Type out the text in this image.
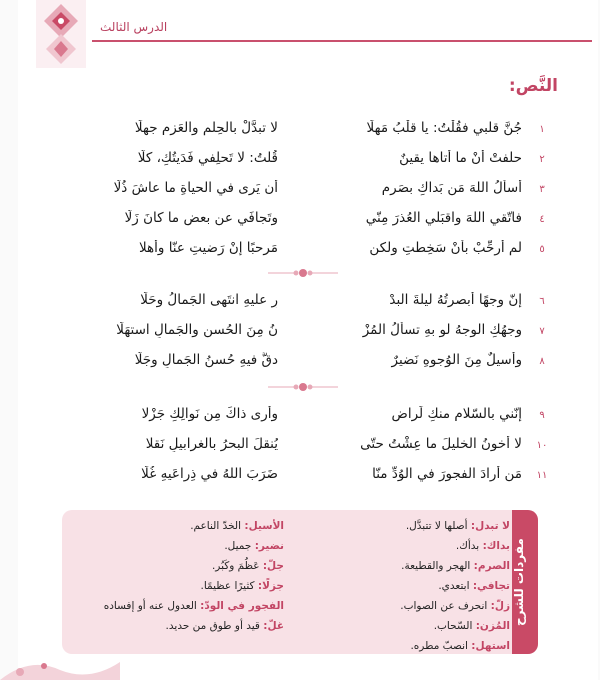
الدرس الثالث
النَّص:
١
جُنَّ قلبي فقُلْتُ: يا قلْبُ مَهلًا
لا تبدَّلْ بالحِلمِ والعَزمِ جهلًا
٢
حلفتْ أنْ ما أتاها يقينٌ
قُلتُ: لا تَحلِفي فَدَيتُكِ، كلّا
٣
أسألُ اللهَ مَن بَداكِ بصَرمٍ
أن يَرى في الحياةِ ما عاشَ ذُلّا
٤
فاتّقي اللهَ واقبَلي العُذرَ مِنّي
وتَجافَي عن بعضِ ما كانَ زَلّا
٥
لم أُرحِّبْ بأنْ سَخِطتِ ولكن
مَرحبًا إنْ رَضيتِ عنّا وأهلا
٦
إنّ وجهًا أبصرتُهُ ليلةَ البدْ
رِ عليهِ انتَهى الجَمالُ وحَلّا
٧
وجهُكِ الوجهُ لو بهِ تسألُ المُزْ
نُ مِنَ الحُسنِ والجَمالِ استهَلّا
٨
وأسيلٌ مِنَ الوُجوهِ نَضيرٌ
دقَّ فيهِ حُسنُ الجَمالِ وجَلّا
٩
إنّني بالسّلامِ منكِ لَراضٍ
وأرى ذاكَ مِن نَوالِكِ جَزْلا
١٠
لا أخونُ الخليلَ ما عِشْتُ حتّى
يُنقلَ البحرُ بالغرابيلِ نَقلا
١١
مَن أرادَ الفجورَ في الوُدِّ منّا
ضَرَبَ اللهُ في ذِراعَيهِ غُلّا
مفردات للشرح
لا تبدل: أصلها لا تتبدَّل.
بداك: بدأك.
الصرم: الهجر والقطيعة.
تجافي: ابتعدي.
زلّ: انحرف عن الصواب.
المُزن: السّحاب.
استهل: انصبّ مطره.
الأسيل: الخدّ الناعم.
نضير: جميل.
جلّ: عَظُمَ وكَبُر.
جزلًا: كثيرًا عظيمًا.
الفجور في الودّ: العدول عنه أو إفساده
غلّ: قيد أو طوق من حديد.
